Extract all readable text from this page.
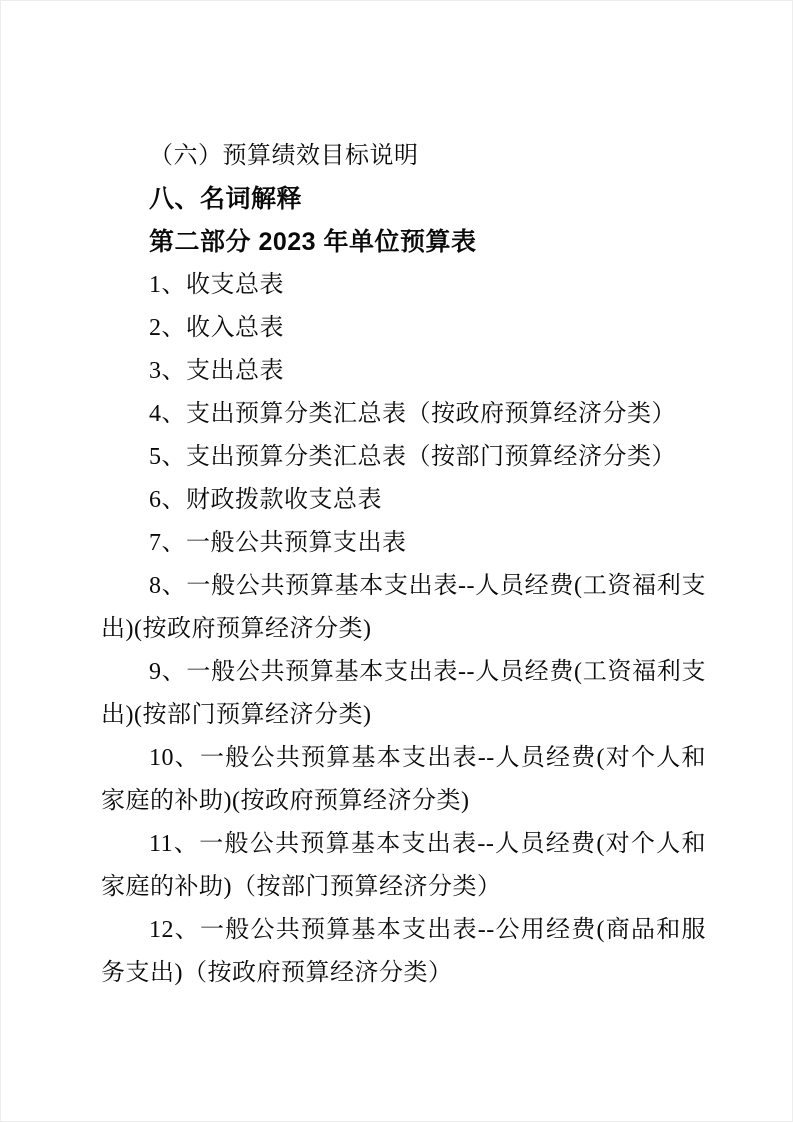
（六）预算绩效目标说明

八、名词解释

第二部分 2023 年单位预算表

1、收支总表

2、收入总表

3、支出总表

4、支出预算分类汇总表（按政府预算经济分类）

5、支出预算分类汇总表（按部门预算经济分类）

6、财政拨款收支总表

7、一般公共预算支出表

8、一般公共预算基本支出表--人员经费(工资福利支出)(按政府预算经济分类)

9、一般公共预算基本支出表--人员经费(工资福利支出)(按部门预算经济分类)

10、一般公共预算基本支出表--人员经费(对个人和家庭的补助)(按政府预算经济分类)

11、一般公共预算基本支出表--人员经费(对个人和家庭的补助)（按部门预算经济分类）

12、一般公共预算基本支出表--公用经费(商品和服务支出)（按政府预算经济分类）
